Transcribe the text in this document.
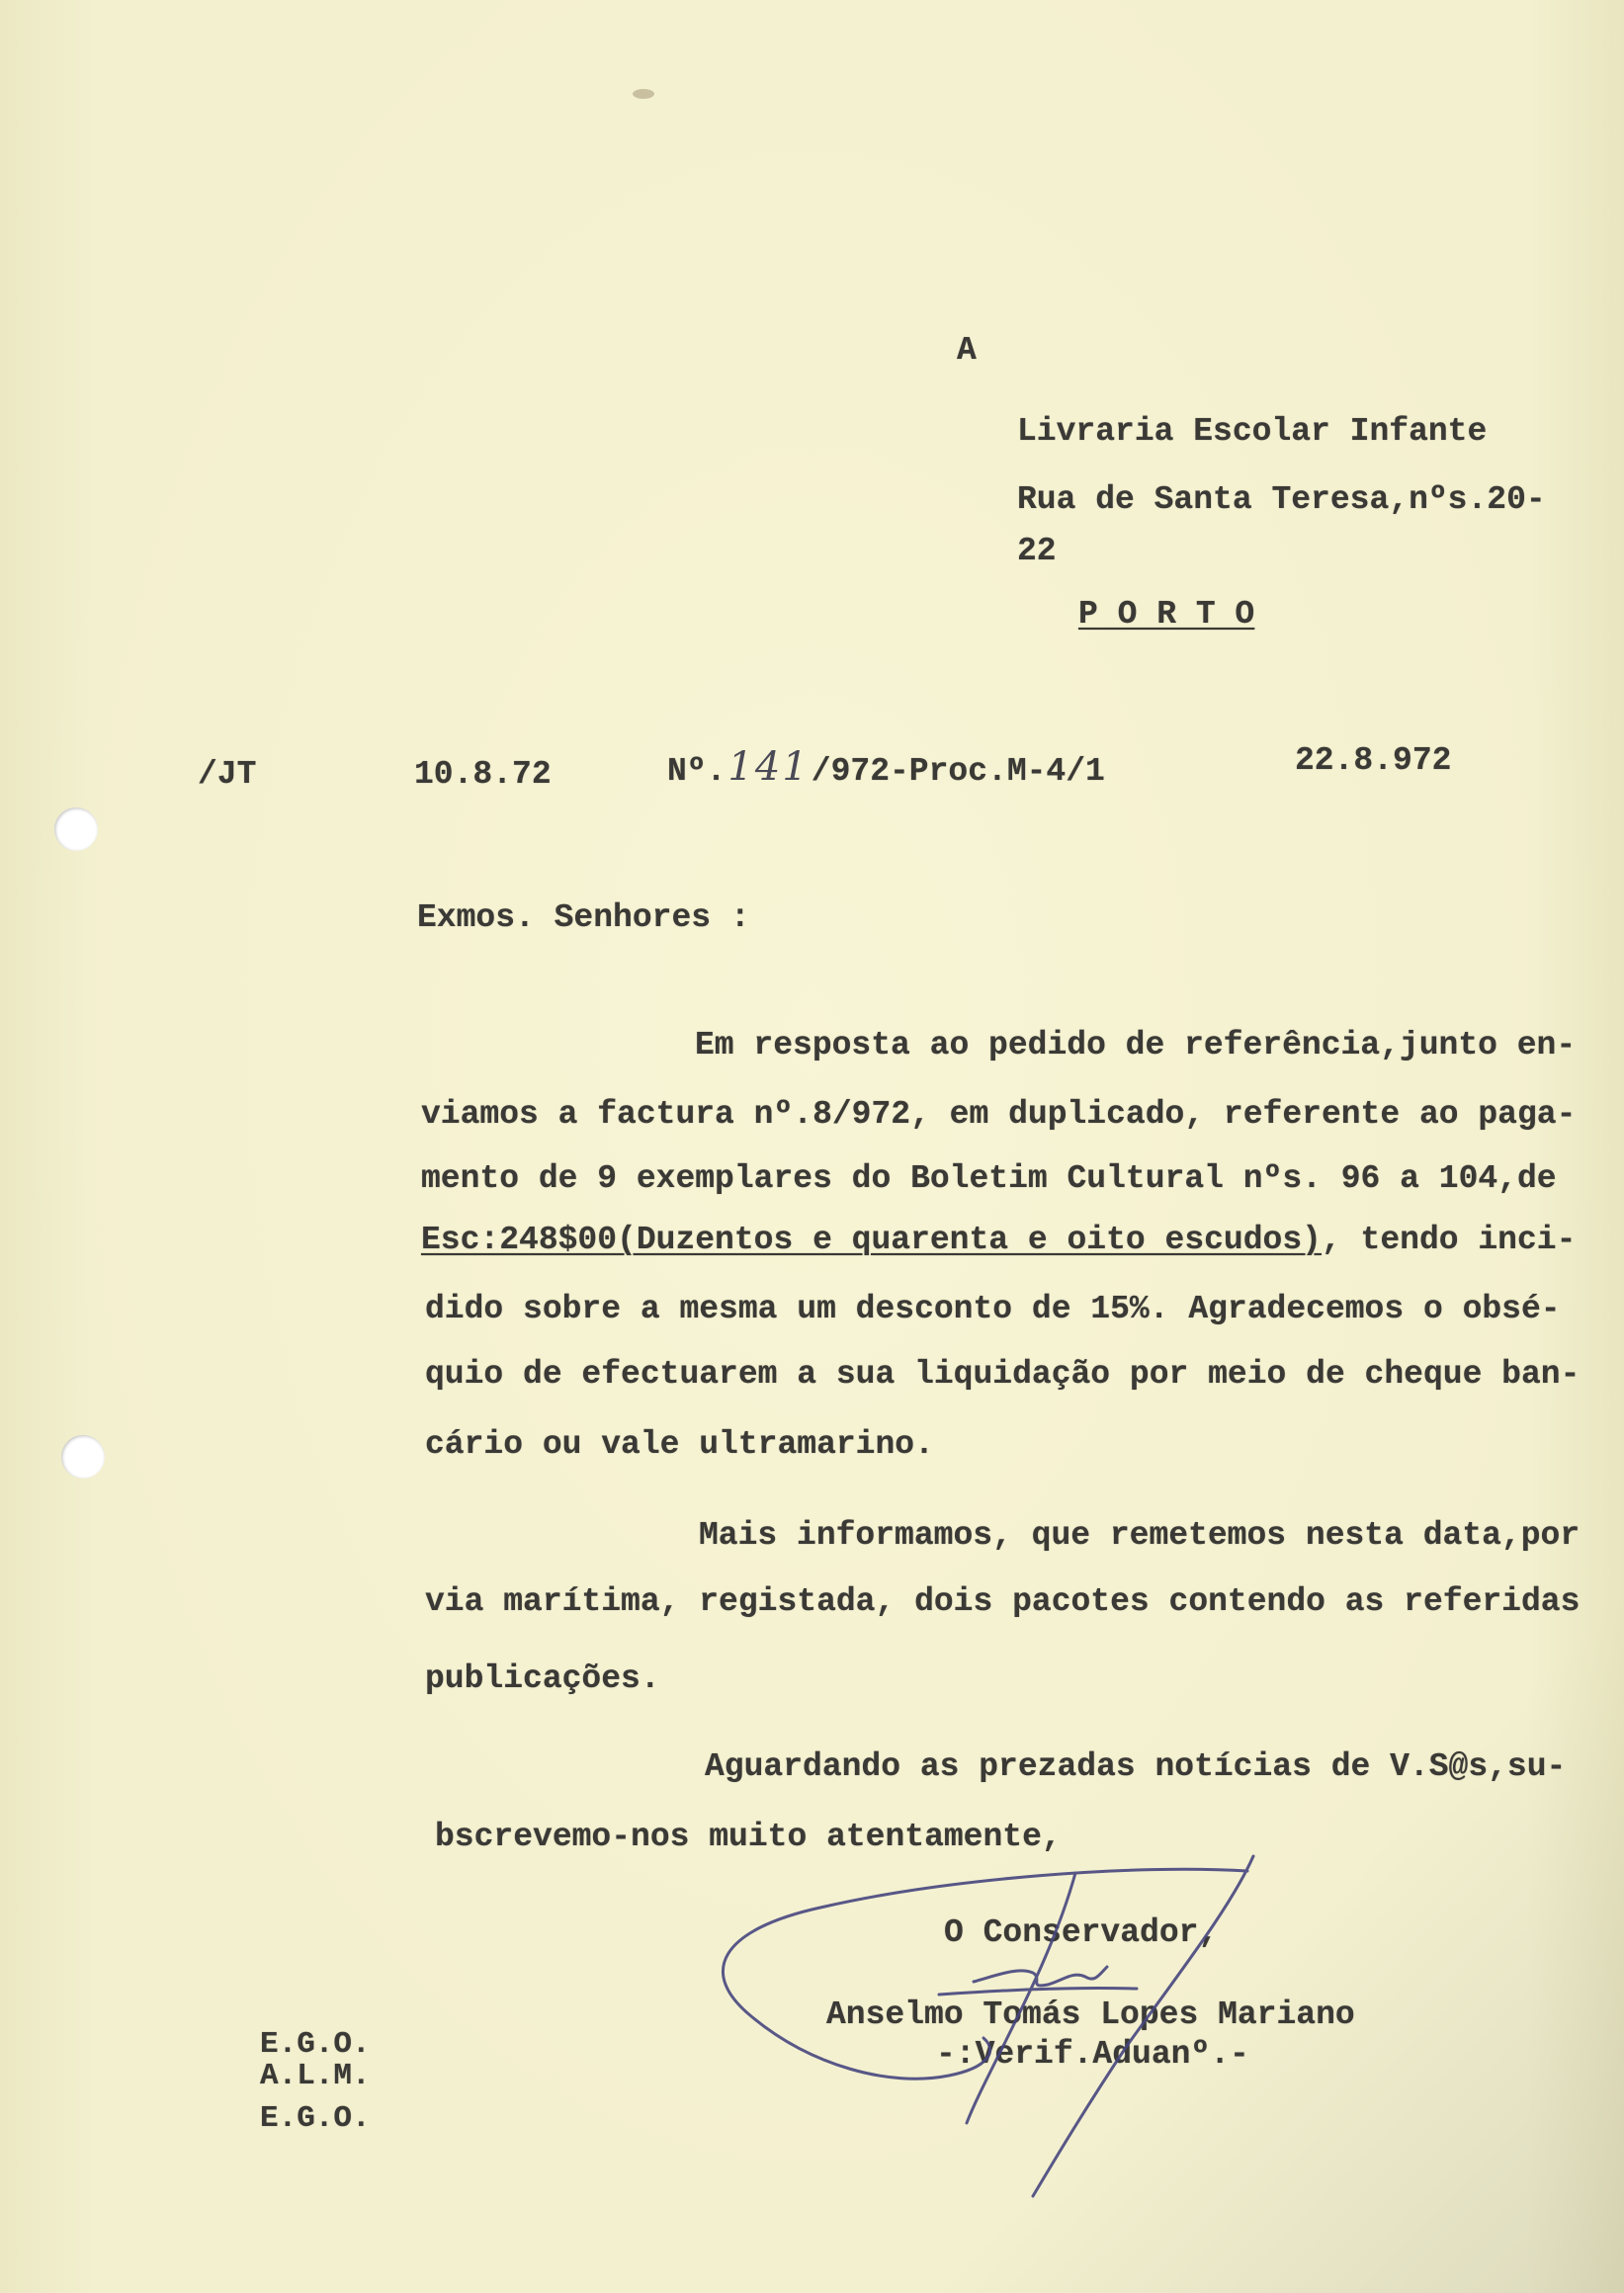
A
Livraria Escolar Infante
Rua de Santa Teresa,nºs.20-
22
P O R T O
/JT	10.8.72	Nº.141/972-Proc.M-4/1	22.8.972
Exmos. Senhores :
Em resposta ao pedido de referência,junto en-
viamos a factura nº.8/972, em duplicado, referente ao paga-
mento de 9 exemplares do Boletim Cultural nºs. 96 a 104,de
Esc:248$00(Duzentos e quarenta e oito escudos), tendo inci-
dido sobre a mesma um desconto de 15%. Agradecemos o obsé-
quio de efectuarem a sua liquidação por meio de cheque ban-
cário ou vale ultramarino.
Mais informamos, que remetemos nesta data,por
via marítima, registada, dois pacotes contendo as referidas
publicações.
Aguardando as prezadas notícias de V.S@s,su-
bscrevemo-nos muito atentamente,
O Conservador,
Anselmo Tomás Lopes Mariano
-:Verif.Aduanº.-
E.G.O.
A.L.M.
E.G.O.
